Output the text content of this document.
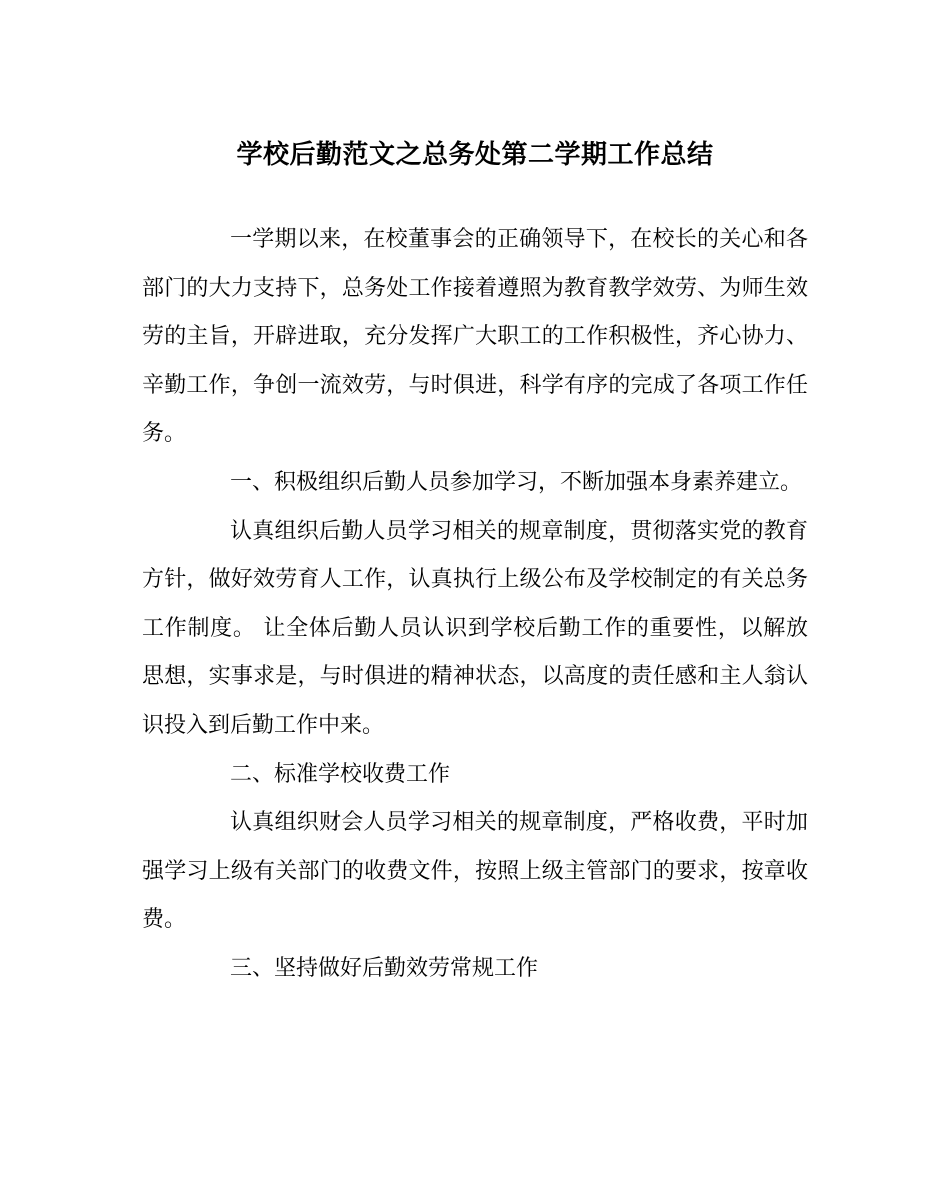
学校后勤范文之总务处第二学期工作总结

一学期以来，在校董事会的正确领导下，在校长的关心和各部门的大力支持下，总务处工作接着遵照为教育教学效劳、为师生效劳的主旨，开辟进取，充分发挥广大职工的工作积极性，齐心协力、辛勤工作，争创一流效劳，与时俱进，科学有序的完成了各项工作任务。

一、积极组织后勤人员参加学习，不断加强本身素养建立。

认真组织后勤人员学习相关的规章制度，贯彻落实党的教育方针，做好效劳育人工作，认真执行上级公布及学校制定的有关总务工作制度。 让全体后勤人员认识到学校后勤工作的重要性，以解放思想，实事求是，与时俱进的精神状态，以高度的责任感和主人翁认识投入到后勤工作中来。

二、标准学校收费工作

认真组织财会人员学习相关的规章制度，严格收费，平时加强学习上级有关部门的收费文件，按照上级主管部门的要求，按章收费。

三、坚持做好后勤效劳常规工作
